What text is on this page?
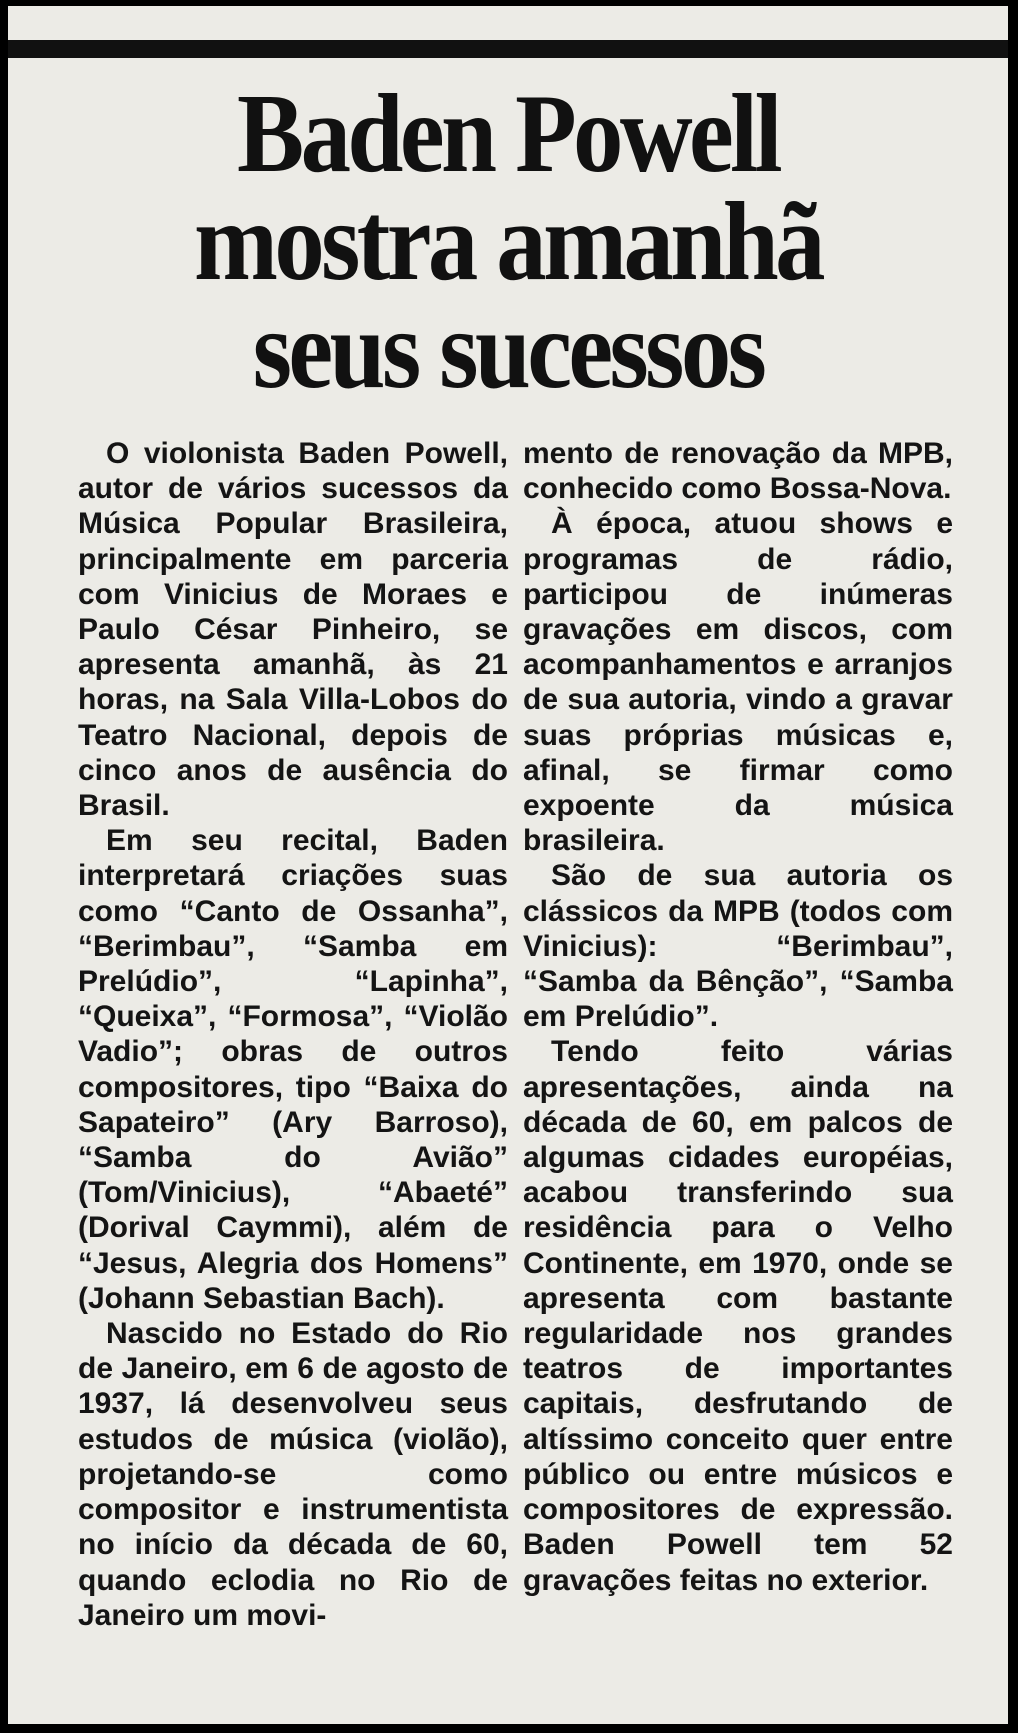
Baden Powell
mostra amanhã
seus sucessos

O violonista Baden Powell, autor de vários sucessos da Música Popular Brasileira, principalmente em parceria com Vinicius de Moraes e Paulo César Pinheiro, se apresenta amanhã, às 21 horas, na Sala Villa-Lobos do Teatro Nacional, depois de cinco anos de ausência do Brasil.

Em seu recital, Baden interpretará criações suas como “Canto de Ossanha”, “Berimbau”, “Samba em Prelúdio”, “Lapinha”, “Queixa”, “Formosa”, “Violão Vadio”; obras de outros compositores, tipo “Baixa do Sapateiro” (Ary Barroso), “Samba do Avião” (Tom/Vinicius), “Abaeté” (Dorival Caymmi), além de “Jesus, Alegria dos Homens” (Johann Sebastian Bach).

Nascido no Estado do Rio de Janeiro, em 6 de agosto de 1937, lá desenvolveu seus estudos de música (violão), projetando-se como compositor e instrumentista no início da década de 60, quando eclodia no Rio de Janeiro um movi-

mento de renovação da MPB, conhecido como Bossa-Nova.

À época, atuou shows e programas de rádio, participou de inúmeras gravações em discos, com acompanhamentos e arranjos de sua autoria, vindo a gravar suas próprias músicas e, afinal, se firmar como expoente da música brasileira.

São de sua autoria os clássicos da MPB (todos com Vinicius): “Berimbau”, “Samba da Bênção”, “Samba em Prelúdio”.

Tendo feito várias apresentações, ainda na década de 60, em palcos de algumas cidades européias, acabou transferindo sua residência para o Velho Continente, em 1970, onde se apresenta com bastante regularidade nos grandes teatros de importantes capitais, desfrutando de altíssimo conceito quer entre público ou entre músicos e compositores de expressão. Baden Powell tem 52 gravações feitas no exterior.
